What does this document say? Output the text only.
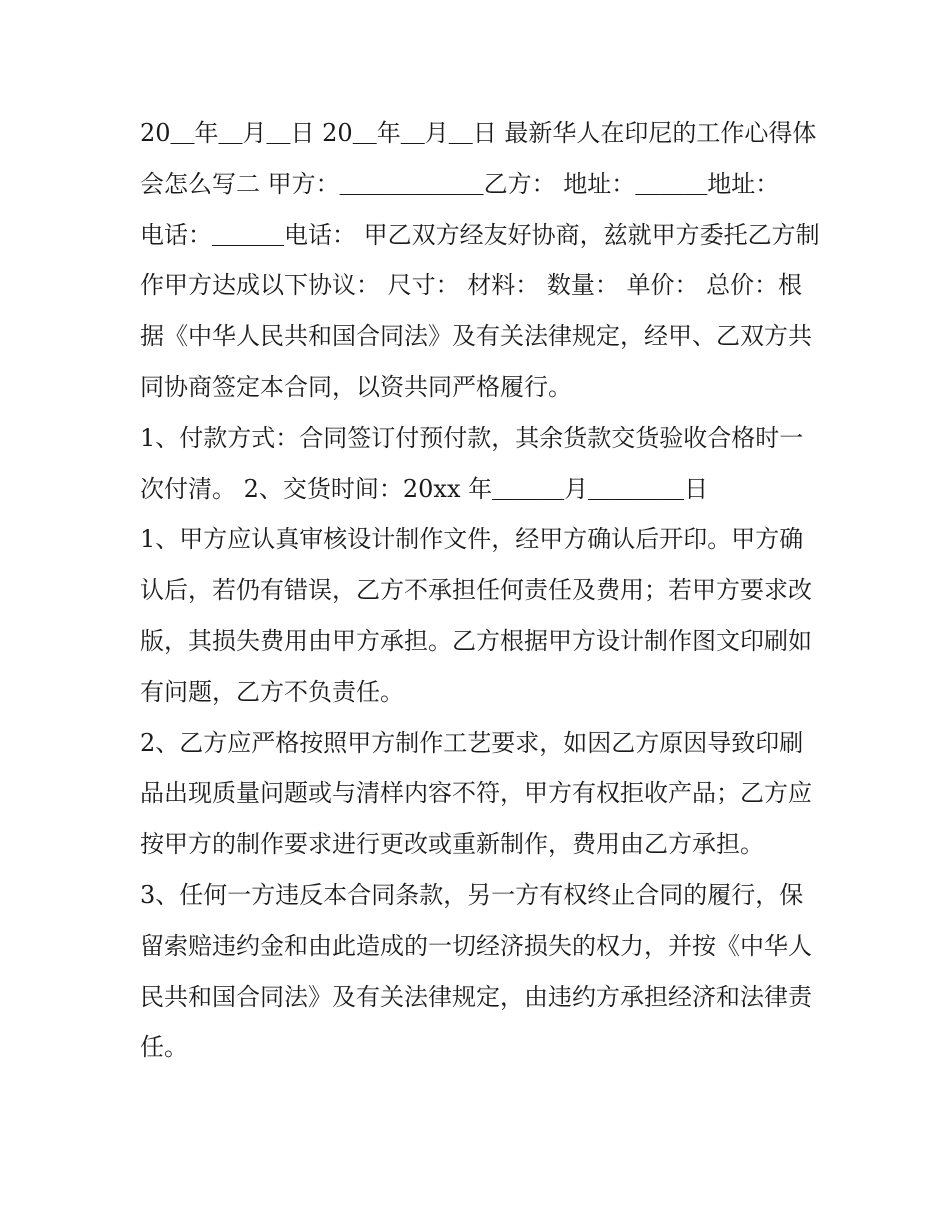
20＿年＿月＿日 20＿年＿月＿日 最新华人在印尼的工作心得体会怎么写二 甲方：＿＿＿＿＿＿乙方： 地址：＿＿＿地址：

电话：＿＿＿电话： 甲乙双方经友好协商，兹就甲方委托乙方制作甲方达成以下协议： 尺寸： 材料： 数量： 单价： 总价：根据《中华人民共和国合同法》及有关法律规定，经甲、乙双方共同协商签定本合同，以资共同严格履行。

1、付款方式：合同签订付预付款，其余货款交货验收合格时一次付清。 2、交货时间：20xx 年＿＿＿月＿＿＿＿日

1、甲方应认真审核设计制作文件，经甲方确认后开印。甲方确认后，若仍有错误，乙方不承担任何责任及费用；若甲方要求改版，其损失费用由甲方承担。乙方根据甲方设计制作图文印刷如有问题，乙方不负责任。

2、乙方应严格按照甲方制作工艺要求，如因乙方原因导致印刷品出现质量问题或与清样内容不符，甲方有权拒收产品；乙方应按甲方的制作要求进行更改或重新制作，费用由乙方承担。

3、任何一方违反本合同条款，另一方有权终止合同的履行，保留索赔违约金和由此造成的一切经济损失的权力，并按《中华人民共和国合同法》及有关法律规定，由违约方承担经济和法律责任。
